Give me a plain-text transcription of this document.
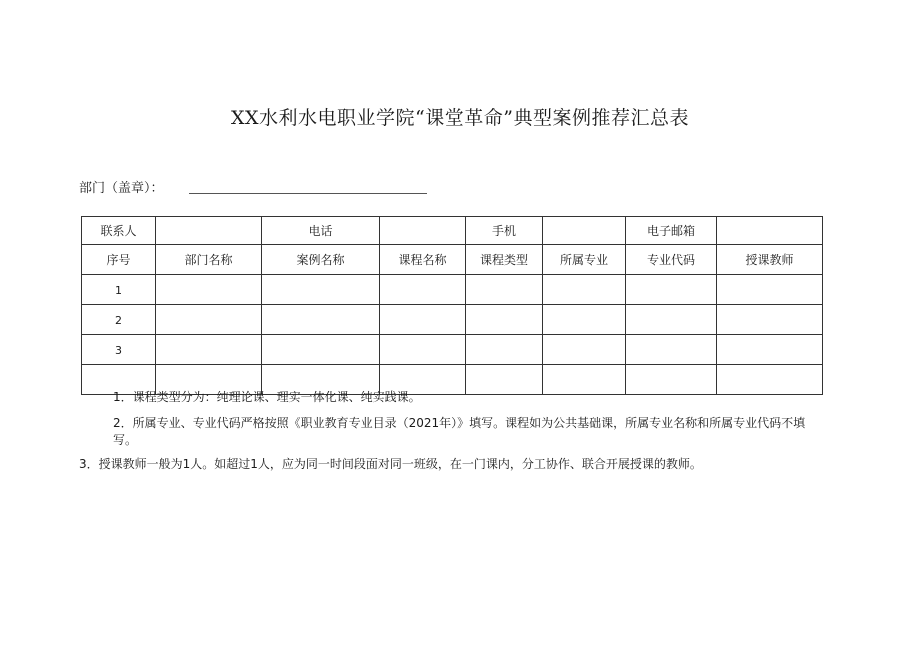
XX水利水电职业学院“课堂革命”典型案例推荐汇总表
部门（盖章）：
联系人		电话		手机		电子邮箱	
序号	部门名称	案例名称	课程名称	课程类型	所属专业	专业代码	授课教师
1							
2							
3							

1．课程类型分为：纯理论课、理实一体化课、纯实践课。
2．所属专业、专业代码严格按照《职业教育专业目录（2021年）》填写。课程如为公共基础课，所属专业名称和所属专业代码不填写。
3．授课教师一般为1人。如超过1人，应为同一时间段面对同一班级，在一门课内，分工协作、联合开展授课的教师。
